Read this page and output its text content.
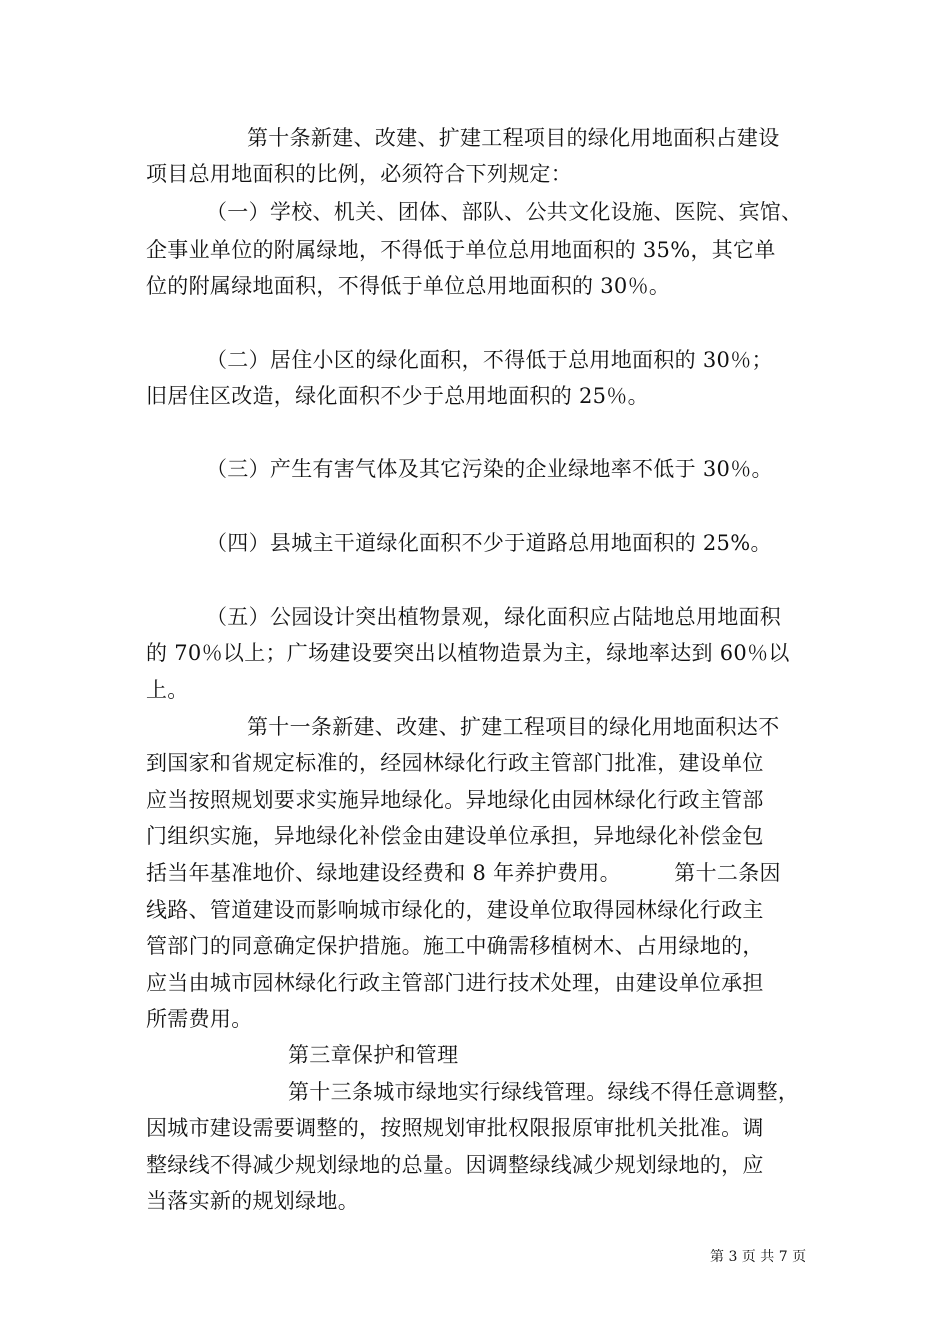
第十条新建、改建、扩建工程项目的绿化用地面积占建设
项目总用地面积的比例，必须符合下列规定：
（一）学校、机关、团体、部队、公共文化设施、医院、宾馆、
企事业单位的附属绿地，不得低于单位总用地面积的 35%，其它单
位的附属绿地面积，不得低于单位总用地面积的 30％。
（二）居住小区的绿化面积，不得低于总用地面积的 30％；
旧居住区改造，绿化面积不少于总用地面积的 25％。
（三）产生有害气体及其它污染的企业绿地率不低于 30％。
（四）县城主干道绿化面积不少于道路总用地面积的 25%。
（五）公园设计突出植物景观，绿化面积应占陆地总用地面积
的 70％以上；广场建设要突出以植物造景为主，绿地率达到 60％以
上。
第十一条新建、改建、扩建工程项目的绿化用地面积达不
到国家和省规定标准的，经园林绿化行政主管部门批准，建设单位
应当按照规划要求实施异地绿化。异地绿化由园林绿化行政主管部
门组织实施，异地绿化补偿金由建设单位承担，异地绿化补偿金包
括当年基准地价、绿地建设经费和 8 年养护费用。　　　第十二条因
线路、管道建设而影响城市绿化的，建设单位取得园林绿化行政主
管部门的同意确定保护措施。施工中确需移植树木、占用绿地的，
应当由城市园林绿化行政主管部门进行技术处理，由建设单位承担
所需费用。
第三章保护和管理
第十三条城市绿地实行绿线管理。绿线不得任意调整，
因城市建设需要调整的，按照规划审批权限报原审批机关批准。调
整绿线不得减少规划绿地的总量。因调整绿线减少规划绿地的，应
当落实新的规划绿地。
第 3 页 共 7 页
